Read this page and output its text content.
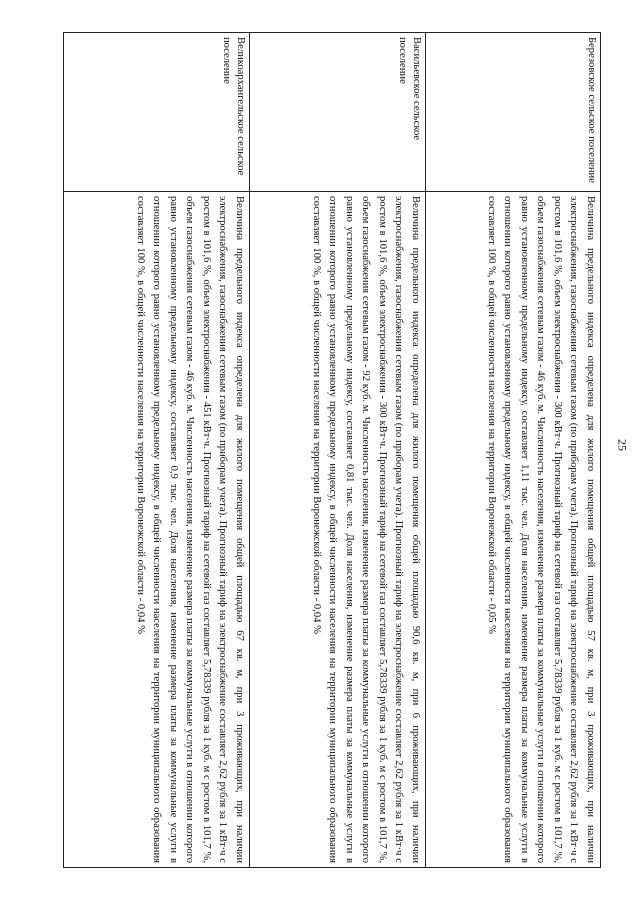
25
Березовское сельское поселение	Величина предельного индекса определена для жилого помещения общей площадью 57 кв. м, при 3 проживающих, при наличии электроснабжения, газоснабжения сетевым газом (по приборам учета). Прогнозный тариф на электроснабжение составляет 2,62 рубля за 1 кВт·ч с ростом в 101,6 %, объем электроснабжения - 300 кВт·ч. Прогнозный тариф на сетевой газ составляет 5,78339 рубля за 1 куб. м с ростом в 101,7 %, объем газоснабжения сетевым газом - 46 куб. м. Численность населения, изменение размера платы за коммунальные услуги в отношении которого равно установленному предельному индексу, составляет 1,11 тыс. чел. Доля населения, изменение размера платы за коммунальные услуги в отношении которого равно установленному предельному индексу, в общей численности населения на территории муниципального образования составляет 100 %, в общей численности населения на территории Воронежской области - 0,05 %
Васильевское сельское поселение	Величина предельного индекса определена для жилого помещения общей площадью 90,6 кв. м, при 6 проживающих, при наличии электроснабжения, газоснабжения сетевым газом (по приборам учета). Прогнозный тариф на электроснабжение составляет 2,62 рубля за 1 кВт·ч с ростом в 101,6 %, объем электроснабжения - 300 кВт·ч. Прогнозный тариф на сетевой газ составляет 5,78339 рубля за 1 куб. м с ростом в 101,7 %, объем газоснабжения сетевым газом - 92 куб. м. Численность населения, изменение размера платы за коммунальные услуги в отношении которого равно установленному предельному индексу, составляет 0,81 тыс. чел. Доля населения, изменение размера платы за коммунальные услуги в отношении которого равно установленному предельному индексу, в общей численности населения на территории муниципального образования составляет 100 %, в общей численности населения на территории Воронежской области - 0,04 %
Великоархангельское сельское поселение	Величина предельного индекса определена для жилого помещения общей площадью 67 кв. м, при 3 проживающих, при наличии электроснабжения, газоснабжения сетевым газом (по приборам учета). Прогнозный тариф на электроснабжение составляет 2,62 рубля за 1 кВт·ч с ростом в 101,6 %, объем электроснабжения - 451 кВт·ч. Прогнозный тариф на сетевой газ составляет 5,78339 рубля за 1 куб. м с ростом в 101,7 %, объем газоснабжения сетевым газом - 46 куб. м. Численность населения, изменение размера платы за коммунальные услуги в отношении которого равно установленному предельному индексу, составляет 0,9 тыс. чел. Доля населения, изменение размера платы за коммунальные услуги в отношении которого равно установленному предельному индексу, в общей численности населения на территории муниципального образования составляет 100 %, в общей численности населения на территории Воронежской области - 0,04 %
